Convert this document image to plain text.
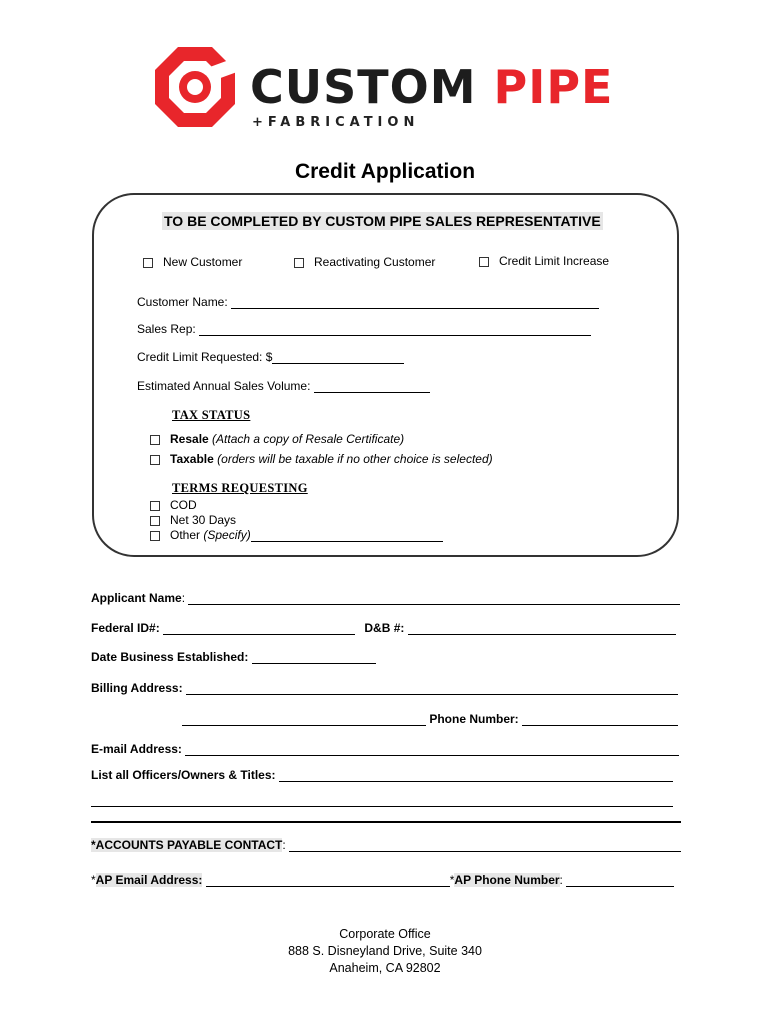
CUSTOM PIPE
+FABRICATION
Credit Application
TO BE COMPLETED BY CUSTOM PIPE SALES REPRESENTATIVE
New Customer	Reactivating Customer	Credit Limit Increase
Customer Name:
Sales Rep:
Credit Limit Requested: $
Estimated Annual Sales Volume:
TAX STATUS
Resale (Attach a copy of Resale Certificate)
Taxable (orders will be taxable if no other choice is selected)
TERMS REQUESTING
COD
Net 30 Days
Other (Specify)
Applicant Name:
Federal ID#:	D&B #:
Date Business Established:
Billing Address:
Phone Number:
E-mail Address:
List all Officers/Owners & Titles:
*ACCOUNTS PAYABLE CONTACT:
*AP Email Address:	*AP Phone Number:
Corporate Office
888 S. Disneyland Drive, Suite 340
Anaheim, CA 92802
